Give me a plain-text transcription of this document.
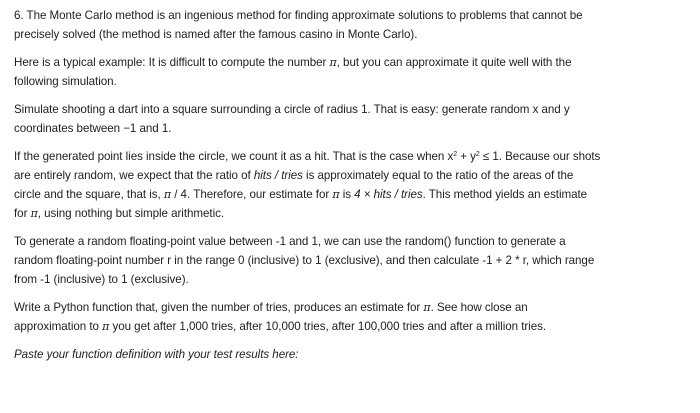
6. The Monte Carlo method is an ingenious method for finding approximate solutions to problems that cannot be
precisely solved (the method is named after the famous casino in Monte Carlo).
Here is a typical example: It is difficult to compute the number π, but you can approximate it quite well with the
following simulation.
Simulate shooting a dart into a square surrounding a circle of radius 1. That is easy: generate random x and y
coordinates between −1 and 1.
If the generated point lies inside the circle, we count it as a hit. That is the case when $x^2 + y^2 \le 1$. Because our shots
are entirely random, we expect that the ratio of hits / tries is approximately equal to the ratio of the areas of the
circle and the square, that is, π / 4. Therefore, our estimate for π is 4 × hits / tries. This method yields an estimate
for π, using nothing but simple arithmetic.
To generate a random floating-point value between -1 and 1, we can use the random() function to generate a
random floating-point number r in the range 0 (inclusive) to 1 (exclusive), and then calculate -1 + 2 * r, which range
from -1 (inclusive) to 1 (exclusive).
Write a Python function that, given the number of tries, produces an estimate for π. See how close an
approximation to π you get after 1,000 tries, after 10,000 tries, after 100,000 tries and after a million tries.
Paste your function definition with your test results here:
